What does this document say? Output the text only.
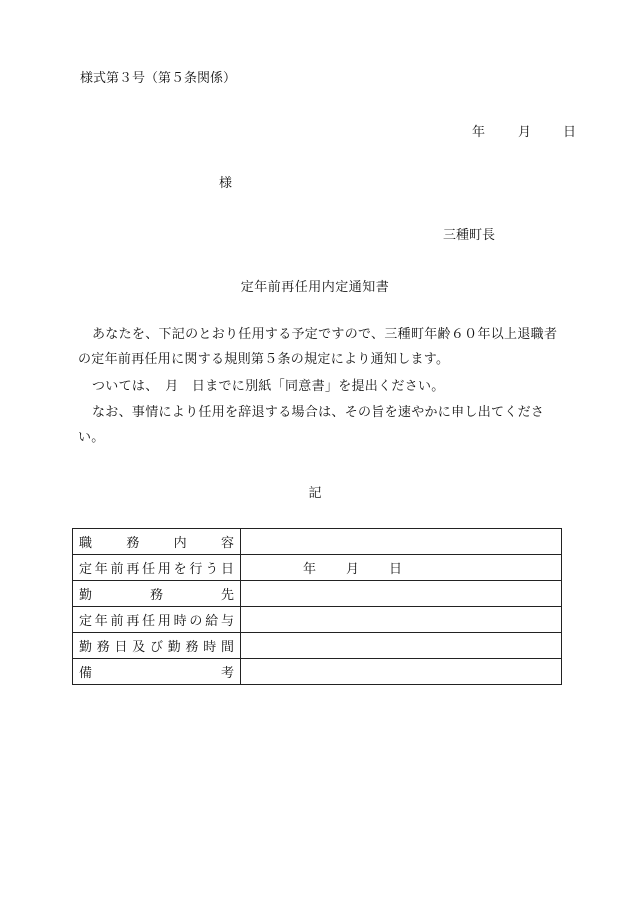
様式第３号（第５条関係）
年	月 日
様
三種町長
定年前再任用内定通知書
あなたを、下記のとおり任用する予定ですので、三種町年齢６０年以上退職者の定年前再任用に関する規則第５条の規定により通知します。
ついては、　月　日までに別紙「同意書」を提出ください。
なお、事情により任用を辞退する場合は、その旨を速やかに申し出てください。
記
職務内容	
定年前再任用を行う日	年 月 日
勤務先	
定年前再任用時の給与	
勤務日及び勤務時間	
備考	
